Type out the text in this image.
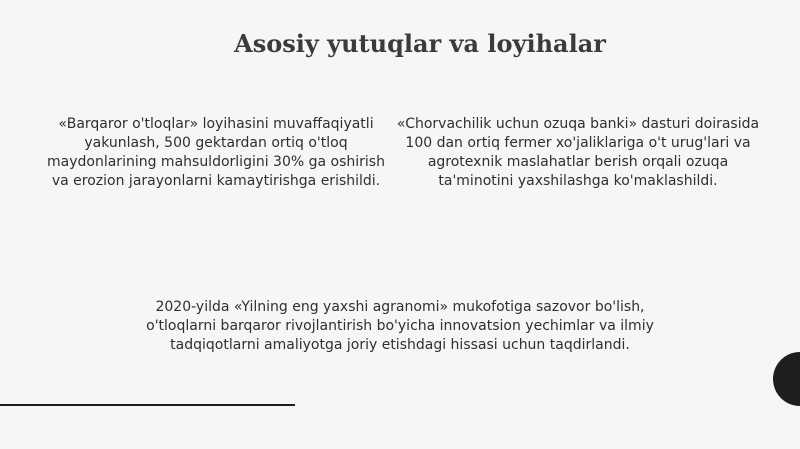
Asosiy yutuqlar va loyihalar

«Barqaror o'tloqlar» loyihasini muvaffaqiyatli yakunlash, 500 gektardan ortiq o'tloq maydonlarining mahsuldorligini 30% ga oshirish va erozion jarayonlarni kamaytirishga erishildi.

«Chorvachilik uchun ozuqa banki» dasturi doirasida 100 dan ortiq fermer xo'jaliklariga o't urug'lari va agrotexnik maslahatlar berish orqali ozuqa ta'minotini yaxshilashga ko'maklashildi.

2020-yilda «Yilning eng yaxshi agranomi» mukofotiga sazovor bo'lish, o'tloqlarni barqaror rivojlantirish bo'yicha innovatsion yechimlar va ilmiy tadqiqotlarni amaliyotga joriy etishdagi hissasi uchun taqdirlandi.
